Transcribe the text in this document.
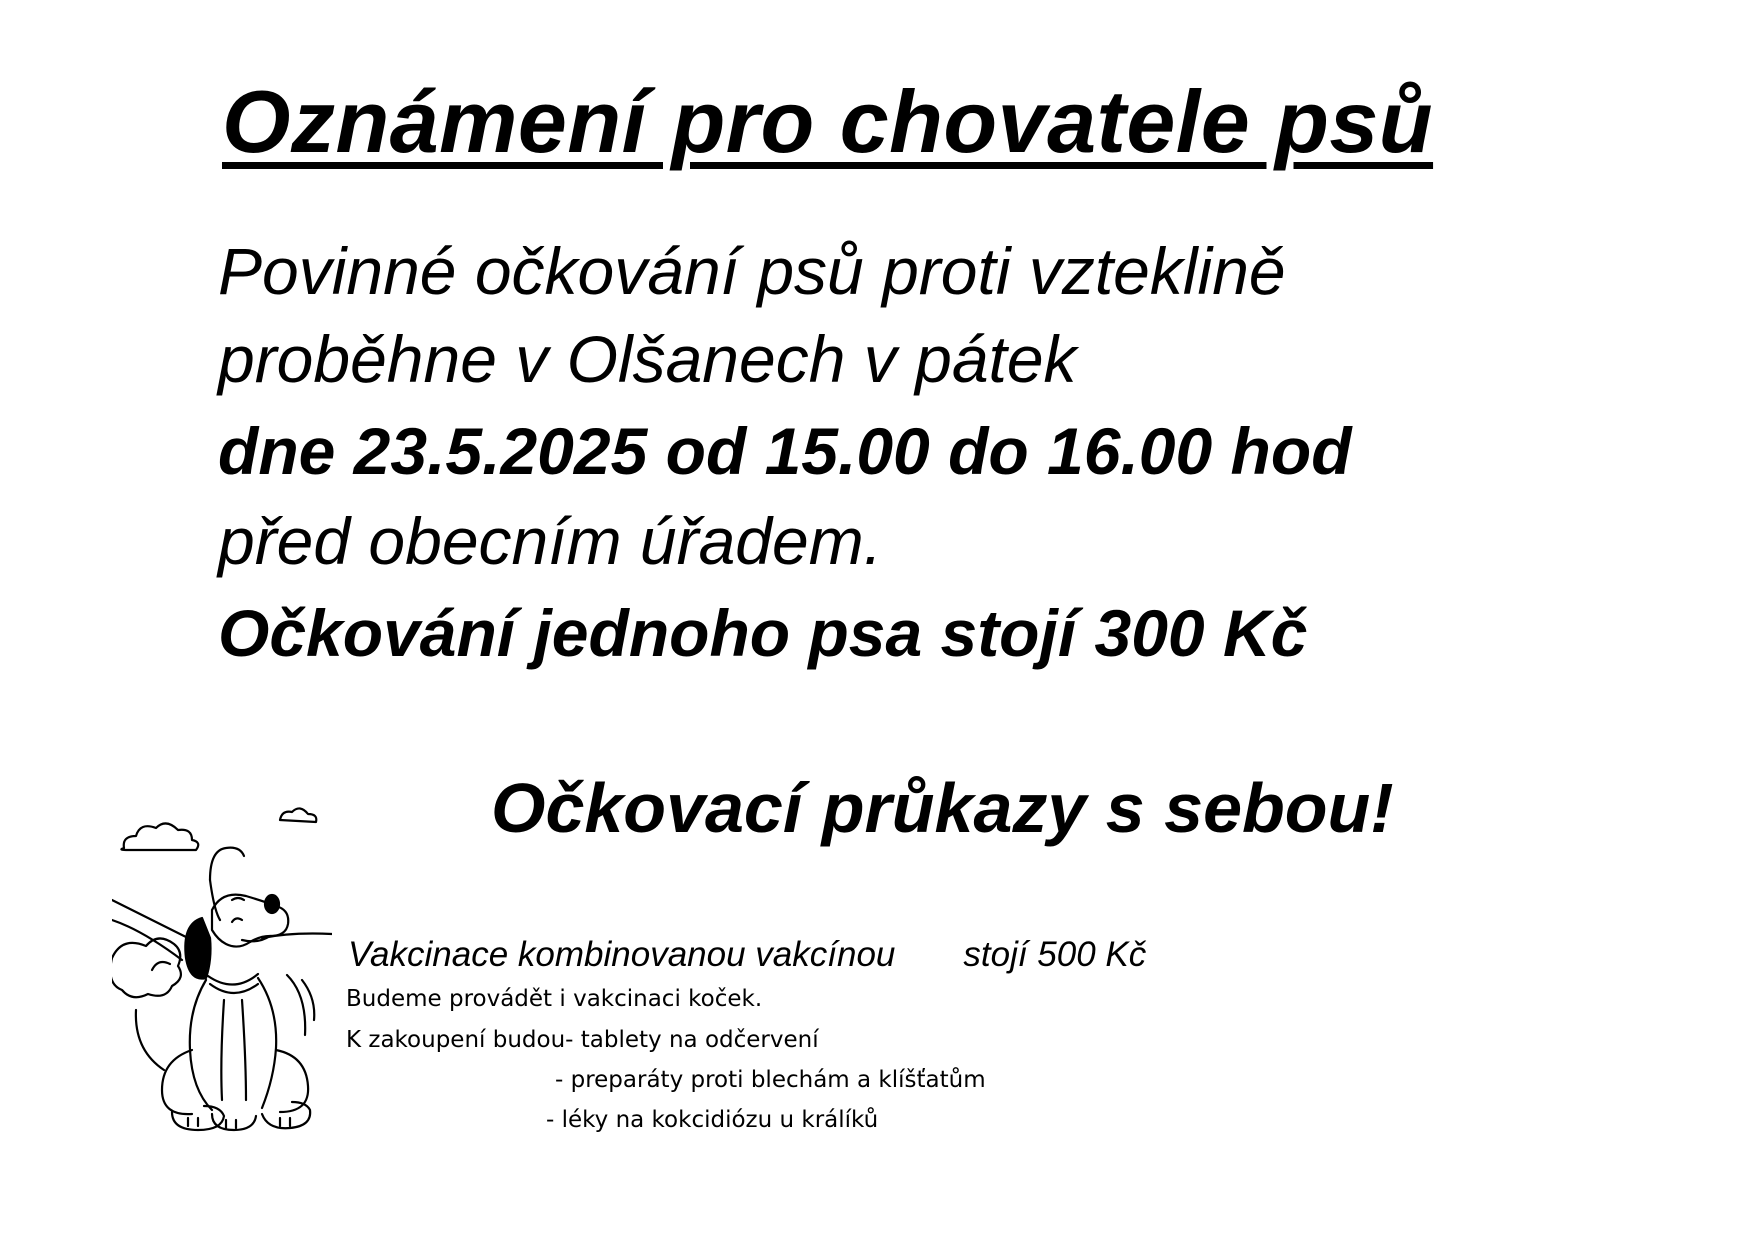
Oznámení pro chovatele psů

Povinné očkování psů proti vzteklině

proběhne v Olšanech v pátek

dne 23.5.2025 od 15.00 do 16.00 hod

před obecním úřadem.

Očkování jednoho psa stojí 300 Kč

Očkovací průkazy s sebou!

Vakcinace kombinovanou vakcínou stojí 500 Kč

Budeme provádět i vakcinaci koček.

K zakoupení budou- tablety na odčervení

- preparáty proti blechám a klíšťatům

- léky na kokcidiózu u králíků
